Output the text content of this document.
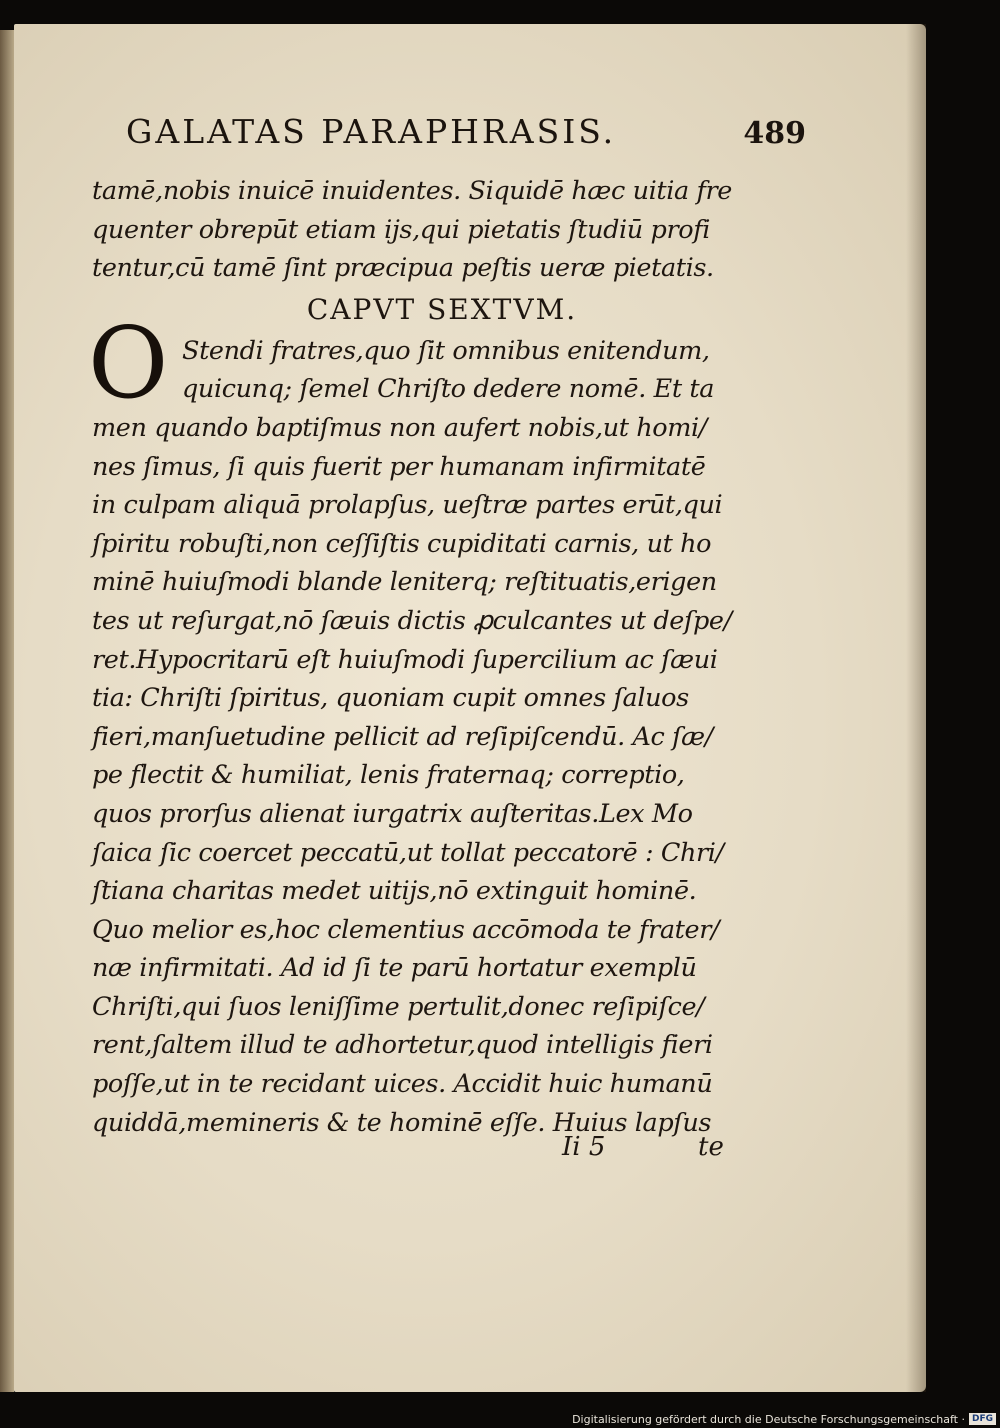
GALATAS PARAPHRASIS.	489
tamē,nobis inuicē inuidentes. Siquidē hæc uitia fre
quenter obrepūt etiam ijs,qui pietatis ſtudiū profi
tentur,cū tamē ſint præcipua peſtis ueræ pietatis.
CAPVT SEXTVM.
O Stendi fratres,quo ſit omnibus enitendum,
quicunq; ſemel Chriſto dedere nomē. Et ta
men quando baptiſmus non aufert nobis,ut homi/
nes ſimus, ſi quis fuerit per humanam infirmitatē
in culpam aliquā prolapſus, ueſtræ partes erūt,qui
ſpiritu robuſti,non ceſſiſtis cupiditati carnis, ut ho
minē huiuſmodi blande leniterq; reſtituatis,erigen
tes ut reſurgat,nō ſæuis dictis ꝓculcantes ut deſpe/
ret.Hypocritarū eſt huiuſmodi ſupercilium ac ſæui
tia: Chriſti ſpiritus, quoniam cupit omnes ſaluos
fieri,manſuetudine pellicit ad reſipiſcendū. Ac ſæ/
pe flectit & humiliat, lenis fraternaq; correptio,
quos prorſus alienat iurgatrix auſteritas.Lex Mo
ſaica ſic coercet peccatū,ut tollat peccatorē : Chri/
ſtiana charitas medet uitijs,nō extinguit hominē.
Quo melior es,hoc clementius accōmoda te frater/
næ infirmitati. Ad id ſi te parū hortatur exemplū
Chriſti,qui ſuos leniſſime pertulit,donec reſipiſce/
rent,ſaltem illud te adhortetur,quod intelligis fieri
poſſe,ut in te recidant uices. Accidit huic humanū
quiddā,memineris & te hominē eſſe. Huius lapſus
Ii 5	te
Digitalisierung gefördert durch die Deutsche Forschungsgemeinschaft · DFG
